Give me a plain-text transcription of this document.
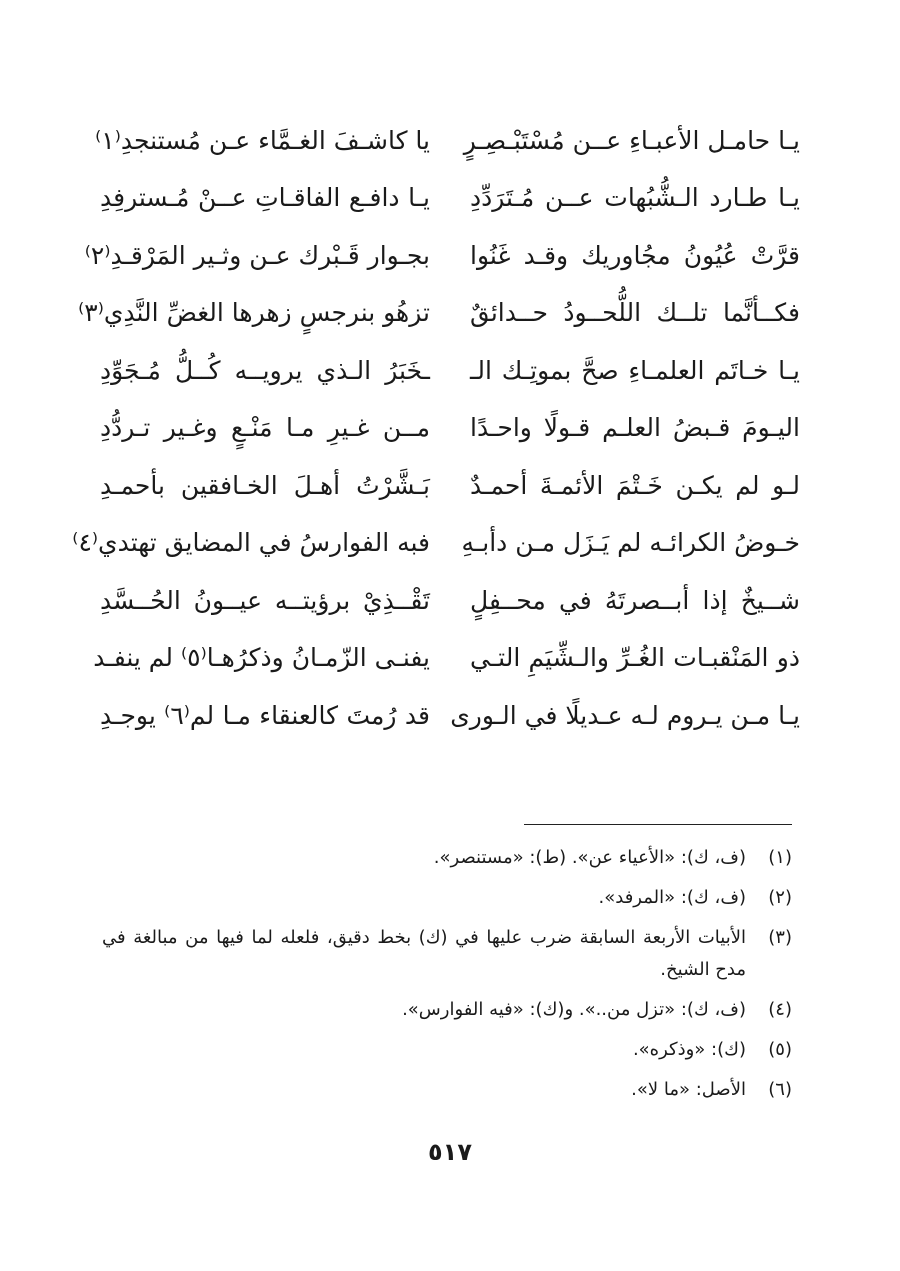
يـا حامـل الأعبـاءِ عــن مُسْتَبْـصِـرٍ
يا كاشـفَ الغـمَّاء عـن مُستنجدِ⁽١⁾
يـا طـارد الـشُّبُهات عــن مُـتَرَدِّدِ
يـا دافـع الفاقـاتِ عــنْ مُـسترفِدِ
قرَّتْ عُيُونُ مجُاوريك وقـد غَنُوا
بجـوار قَـبْرك عـن وثـير المَرْقـدِ⁽٢⁾
فكــأنَّما تلــك اللُّحــودُ حــدائقٌ
تزهُو بنرجسٍ زهرها الغضِّ النَّدِي⁽٣⁾
يـا خـاتَم العلمـاءِ صحَّ بموتِـك الـ
ـخَبَرُ الـذي يرويــه كُــلُّ مُـجَوِّدِ
اليـومَ قـبضُ العلـم قـولًا واحـدًا
مــن غـيرِ مـا مَنْـعٍ وغـير تـردُّدِ
لـو لم يكـن خَـتْمَ الأئمـةَ أحمـدٌ
بَـشَّرْتُ أهـلَ الخـافقين بأحمـدِ
خـوضُ الكرائـه لم يَـزَل مـن دأبـهِ
فبه الفوارسُ في المضايق تهتدي⁽٤⁾
شــيخٌ إذا أبــصرتَهُ في محــفِلٍ
تَقْــذِيْ برؤيتــه عيــونُ الحُــسَّدِ
ذو المَنْقبـات الغُـرِّ والـشِّيَمِ التـي
يفنـى الزّمـانُ وذكرُهـا⁽٥⁾ لم ينفـد
يـا مـن يـروم لـه عـديلًا في الـورى
قد رُمتَ كالعنقاء مـا لم⁽٦⁾ يوجـدِ
(١)
(ف، ك): «الأعياء عن». (ط): «مستنصر».
(٢)
(ف، ك): «المرفد».
(٣)
الأبيات الأربعة السابقة ضرب عليها في (ك) بخط دقيق، فلعله لما فيها من مبالغة في مدح الشيخ.
(٤)
(ف، ك): «تزل من..». و(ك): «فيه الفوارس».
(٥)
(ك): «وذكره».
(٦)
الأصل: «ما لا».
٥١٧
